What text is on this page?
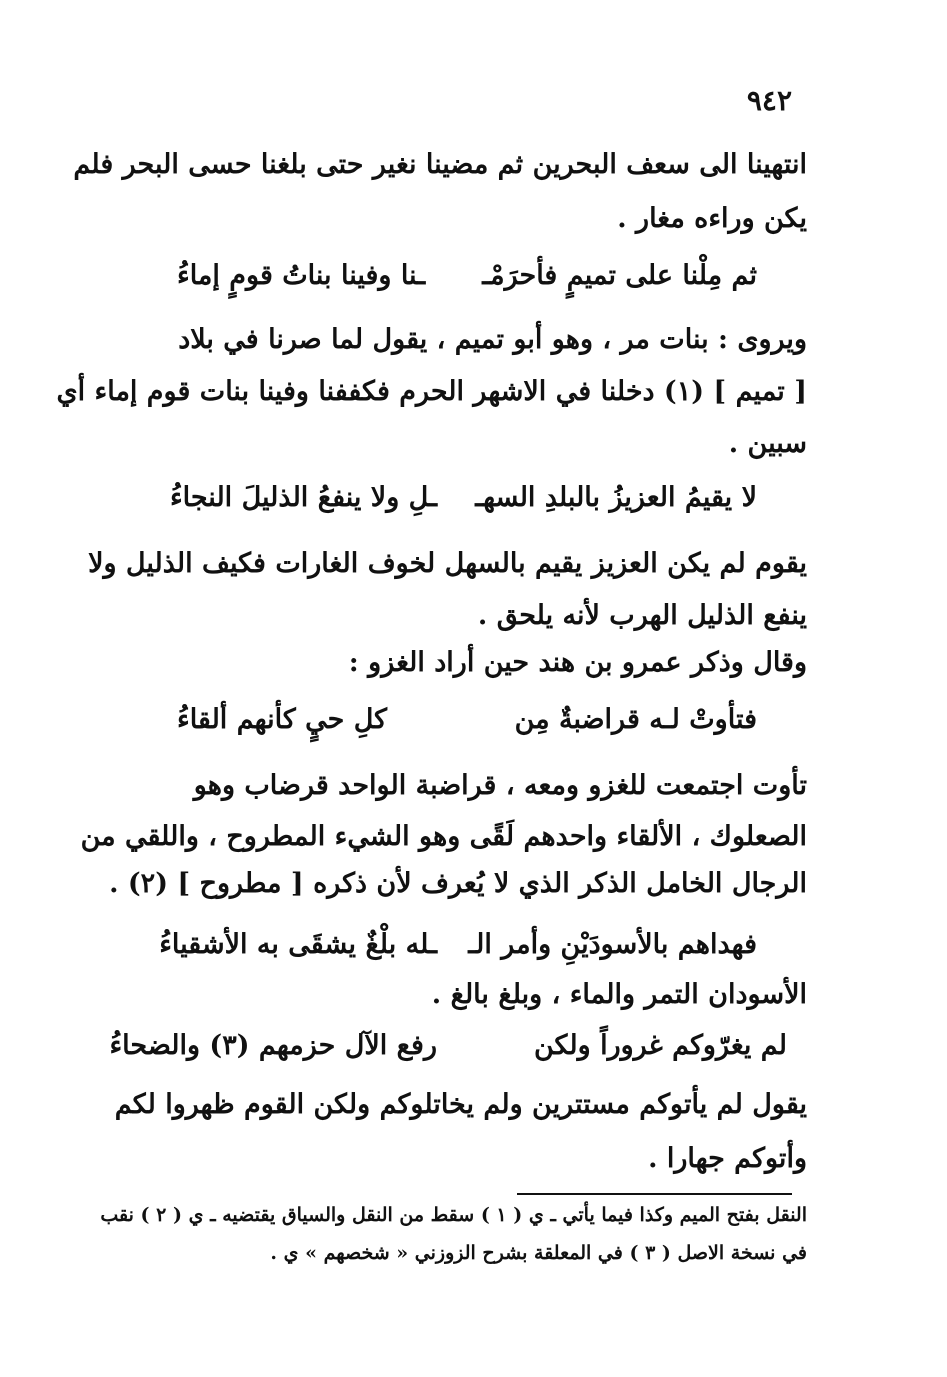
٩٤٢
انتهينا الى سعف البحرين ثم مضينا نغير حتى بلغنا حسى البحر فلم
يكن وراءه مغار .
ثم مِلْنا على تميمٍ فأحرَمْــنا وفينا بناتُ قومٍ إماءُ
ويروى : بنات مر ، وهو أبو تميم ، يقول لما صرنا في بلاد
[ تميم ] (١) دخلنا في الاشهر الحرم فكففنا وفينا بنات قوم إماء أي
سبين .
لا يقيمُ العزيزُ بالبلدِ السهــلِ ولا ينفعُ الذليلَ النجاءُ
يقوم لم يكن العزيز يقيم بالسهل لخوف الغارات فكيف الذليل ولا
ينفع الذليل الهرب لأنه يلحق .
وقال وذكر عمرو بن هند حين أراد الغزو :
فتأوتْ لـه قراضبةٌ مِنكلِ حيٍ كأنهم ألقاءُ
تأوت اجتمعت للغزو ومعه ، قراضبة الواحد قرضاب وهو
الصعلوك ، الألقاء واحدهم لَقًى وهو الشيء المطروح ، واللقي من
الرجال الخامل الذكر الذي لا يُعرف لأن ذكره [ مطروح ] (٢) .
فهداهم بالأسودَيْنِ وأمر الــله بلْغٌ يشقَى به الأشقياءُ
الأسودان التمر والماء ، وبلغ بالغ .
لم يغرّوكم غروراً ولكنرفع الآل حزمهم (٣) والضحاءُ
يقول لم يأتوكم مستترين ولم يخاتلوكم ولكن القوم ظهروا لكم
وأتوكم جهارا .
النقل بفتح الميم وكذا فيما يأتي ـ ي ( ١ ) سقط من النقل والسياق يقتضيه ـ ي ( ٢ ) نقب
في نسخة الاصل ( ٣ ) في المعلقة بشرح الزوزني « شخصهم » ي .
